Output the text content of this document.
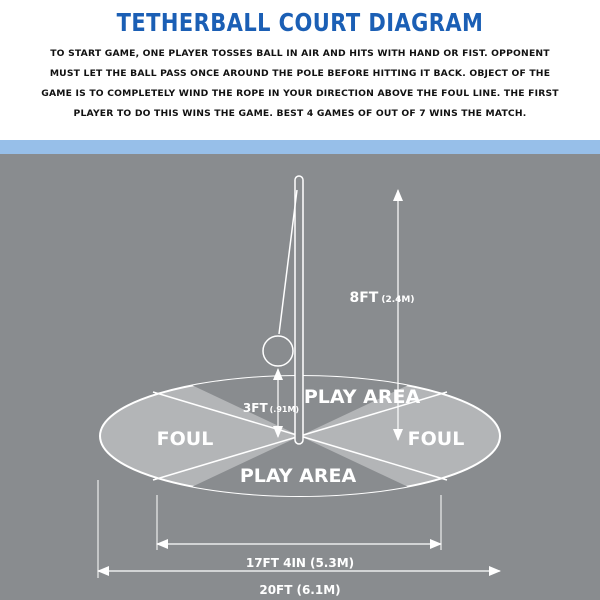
TETHERBALL COURT DIAGRAM
TO START GAME, ONE PLAYER TOSSES BALL IN AIR AND HITS WITH HAND OR FIST. OPPONENT MUST LET THE BALL PASS ONCE AROUND THE POLE BEFORE HITTING IT BACK. OBJECT OF THE GAME IS TO COMPLETELY WIND THE ROPE IN YOUR DIRECTION ABOVE THE FOUL LINE. THE FIRST PLAYER TO DO THIS WINS THE GAME. BEST 4 GAMES OF OUT OF 7 WINS THE MATCH.
8FT (2.4M)
3FT (.91M)
PLAY AREA
PLAY AREA
FOUL	FOUL
17FT 4IN (5.3M)
20FT (6.1M)
